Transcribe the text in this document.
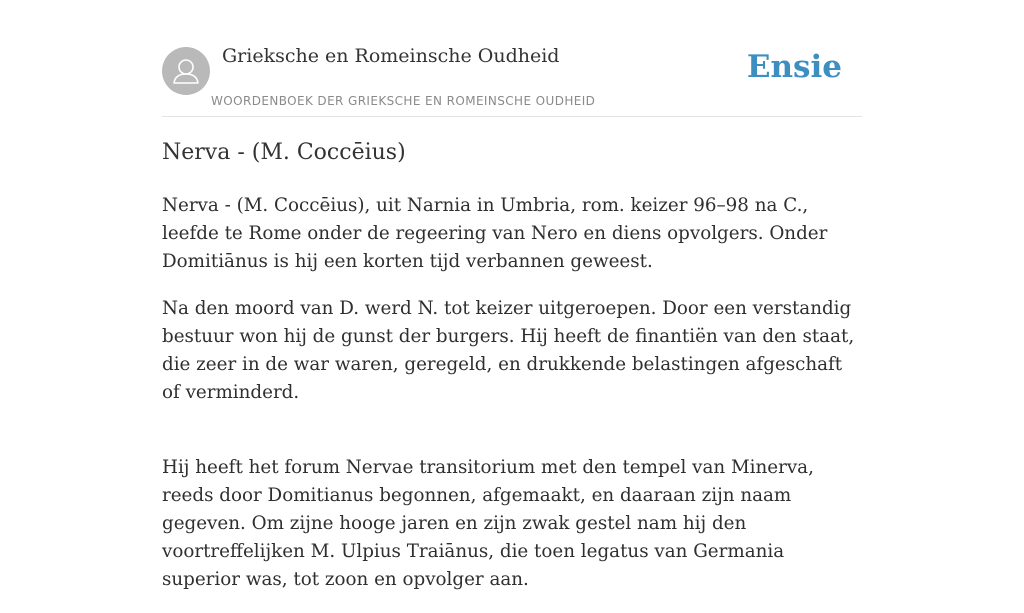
Grieksche en Romeinsche Oudheid
WOORDENBOEK DER GRIEKSCHE EN ROMEINSCHE OUDHEID
Ensie
Nerva - (M. Coccēius)

Nerva - (M. Coccēius), uit Narnia in Umbria, rom. keizer 96–98 na C., leefde te Rome onder de regeering van Nero en diens opvolgers. Onder Domitiānus is hij een korten tijd verbannen geweest.

Na den moord van D. werd N. tot keizer uitgeroepen. Door een verstandig bestuur won hij de gunst der burgers. Hij heeft de finantiën van den staat, die zeer in de war waren, geregeld, en drukkende belastingen afgeschaft of verminderd.

Hij heeft het forum Nervae transitorium met den tempel van Minerva, reeds door Domitianus begonnen, afgemaakt, en daaraan zijn naam gegeven. Om zijne hooge jaren en zijn zwak gestel nam hij den voortreffelijken M. Ulpius Traiānus, die toen legatus van Germania superior was, tot zoon en opvolger aan.
